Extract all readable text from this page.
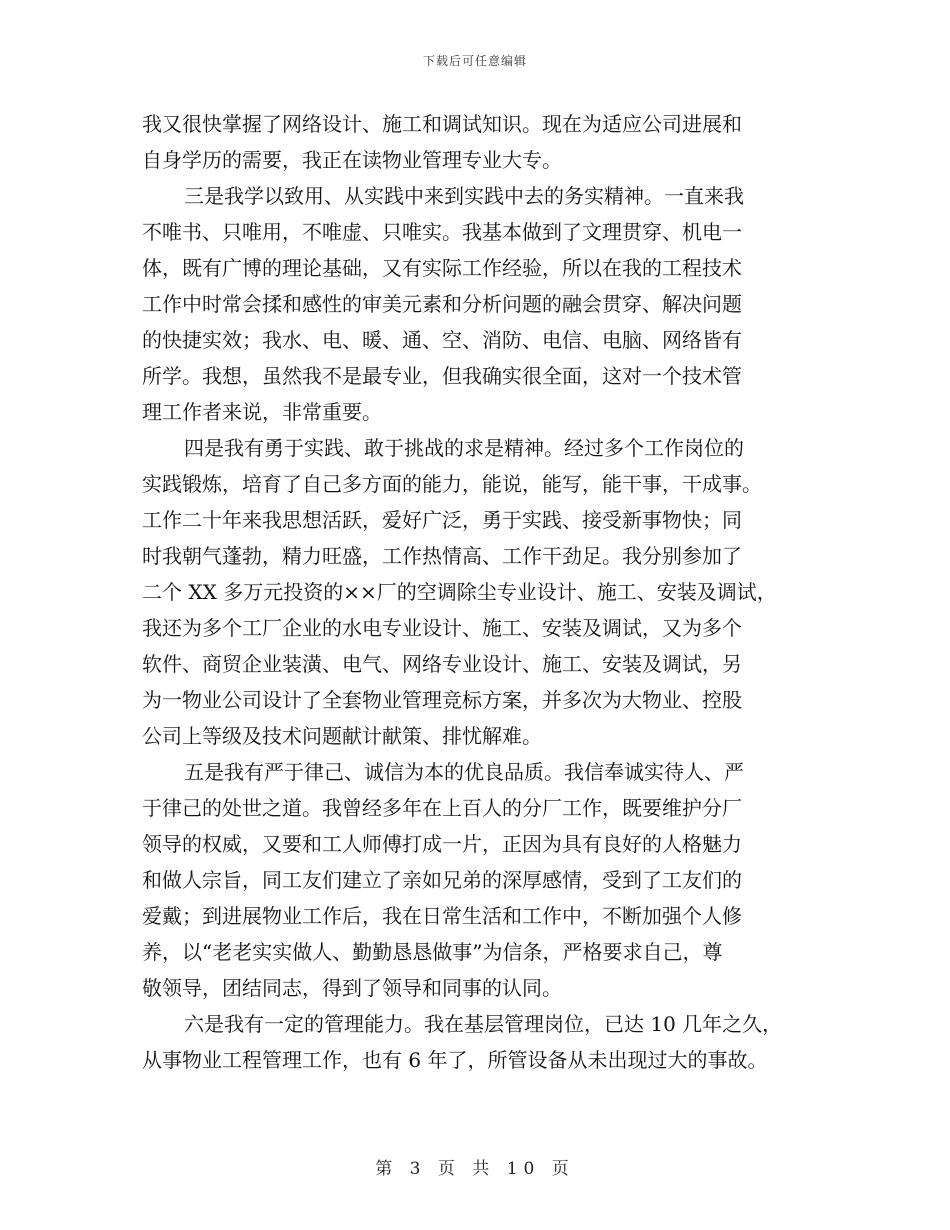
下载后可任意编辑
我又很快掌握了网络设计、施工和调试知识。现在为适应公司进展和
自身学历的需要，我正在读物业管理专业大专。
三是我学以致用、从实践中来到实践中去的务实精神。一直来我
不唯书、只唯用，不唯虚、只唯实。我基本做到了文理贯穿、机电一
体，既有广博的理论基础，又有实际工作经验，所以在我的工程技术
工作中时常会揉和感性的审美元素和分析问题的融会贯穿、解决问题
的快捷实效；我水、电、暖、通、空、消防、电信、电脑、网络皆有
所学。我想，虽然我不是最专业，但我确实很全面，这对一个技术管
理工作者来说，非常重要。
四是我有勇于实践、敢于挑战的求是精神。经过多个工作岗位的
实践锻炼，培育了自己多方面的能力，能说，能写，能干事，干成事。
工作二十年来我思想活跃，爱好广泛，勇于实践、接受新事物快；同
时我朝气蓬勃，精力旺盛，工作热情高、工作干劲足。我分别参加了
二个 XX 多万元投资的××厂的空调除尘专业设计、施工、安装及调试，
我还为多个工厂企业的水电专业设计、施工、安装及调试，又为多个
软件、商贸企业装潢、电气、网络专业设计、施工、安装及调试，另
为一物业公司设计了全套物业管理竞标方案，并多次为大物业、控股
公司上等级及技术问题献计献策、排忧解难。
五是我有严于律己、诚信为本的优良品质。我信奉诚实待人、严
于律己的处世之道。我曾经多年在上百人的分厂工作，既要维护分厂
领导的权威，又要和工人师傅打成一片，正因为具有良好的人格魅力
和做人宗旨，同工友们建立了亲如兄弟的深厚感情，受到了工友们的
爱戴；到进展物业工作后，我在日常生活和工作中，不断加强个人修
养，以“老老实实做人、勤勤恳恳做事”为信条，严格要求自己，尊
敬领导，团结同志，得到了领导和同事的认同。
六是我有一定的管理能力。我在基层管理岗位，已达 10 几年之久，
从事物业工程管理工作，也有 6 年了，所管设备从未出现过大的事故。
第 3 页 共 10 页
